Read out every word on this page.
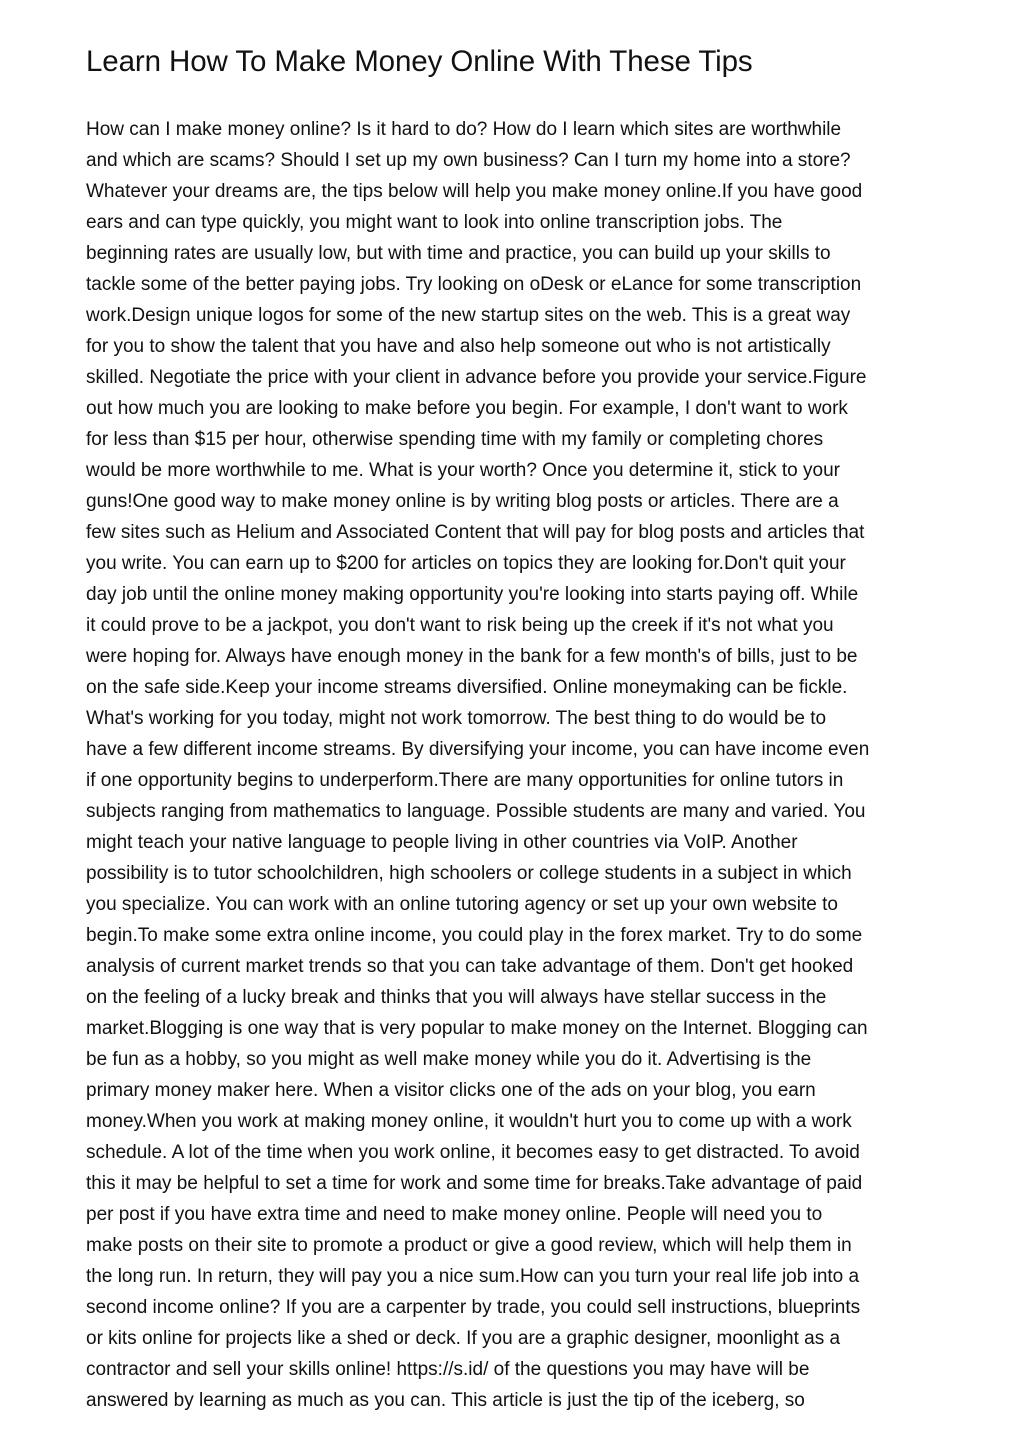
Learn How To Make Money Online With These Tips
How can I make money online? Is it hard to do? How do I learn which sites are worthwhile
and which are scams? Should I set up my own business? Can I turn my home into a store?
Whatever your dreams are, the tips below will help you make money online.If you have good
ears and can type quickly, you might want to look into online transcription jobs. The
beginning rates are usually low, but with time and practice, you can build up your skills to
tackle some of the better paying jobs. Try looking on oDesk or eLance for some transcription
work.Design unique logos for some of the new startup sites on the web. This is a great way
for you to show the talent that you have and also help someone out who is not artistically
skilled. Negotiate the price with your client in advance before you provide your service.Figure
out how much you are looking to make before you begin. For example, I don't want to work
for less than $15 per hour, otherwise spending time with my family or completing chores
would be more worthwhile to me. What is your worth? Once you determine it, stick to your
guns!One good way to make money online is by writing blog posts or articles. There are a
few sites such as Helium and Associated Content that will pay for blog posts and articles that
you write. You can earn up to $200 for articles on topics they are looking for.Don't quit your
day job until the online money making opportunity you're looking into starts paying off. While
it could prove to be a jackpot, you don't want to risk being up the creek if it's not what you
were hoping for. Always have enough money in the bank for a few month's of bills, just to be
on the safe side.Keep your income streams diversified. Online moneymaking can be fickle.
What's working for you today, might not work tomorrow. The best thing to do would be to
have a few different income streams. By diversifying your income, you can have income even
if one opportunity begins to underperform.There are many opportunities for online tutors in
subjects ranging from mathematics to language. Possible students are many and varied. You
might teach your native language to people living in other countries via VoIP. Another
possibility is to tutor schoolchildren, high schoolers or college students in a subject in which
you specialize. You can work with an online tutoring agency or set up your own website to
begin.To make some extra online income, you could play in the forex market. Try to do some
analysis of current market trends so that you can take advantage of them. Don't get hooked
on the feeling of a lucky break and thinks that you will always have stellar success in the
market.Blogging is one way that is very popular to make money on the Internet. Blogging can
be fun as a hobby, so you might as well make money while you do it. Advertising is the
primary money maker here. When a visitor clicks one of the ads on your blog, you earn
money.When you work at making money online, it wouldn't hurt you to come up with a work
schedule. A lot of the time when you work online, it becomes easy to get distracted. To avoid
this it may be helpful to set a time for work and some time for breaks.Take advantage of paid
per post if you have extra time and need to make money online. People will need you to
make posts on their site to promote a product or give a good review, which will help them in
the long run. In return, they will pay you a nice sum.How can you turn your real life job into a
second income online? If you are a carpenter by trade, you could sell instructions, blueprints
or kits online for projects like a shed or deck. If you are a graphic designer, moonlight as a
contractor and sell your skills online! https://s.id/ of the questions you may have will be
answered by learning as much as you can. This article is just the tip of the iceberg, so
